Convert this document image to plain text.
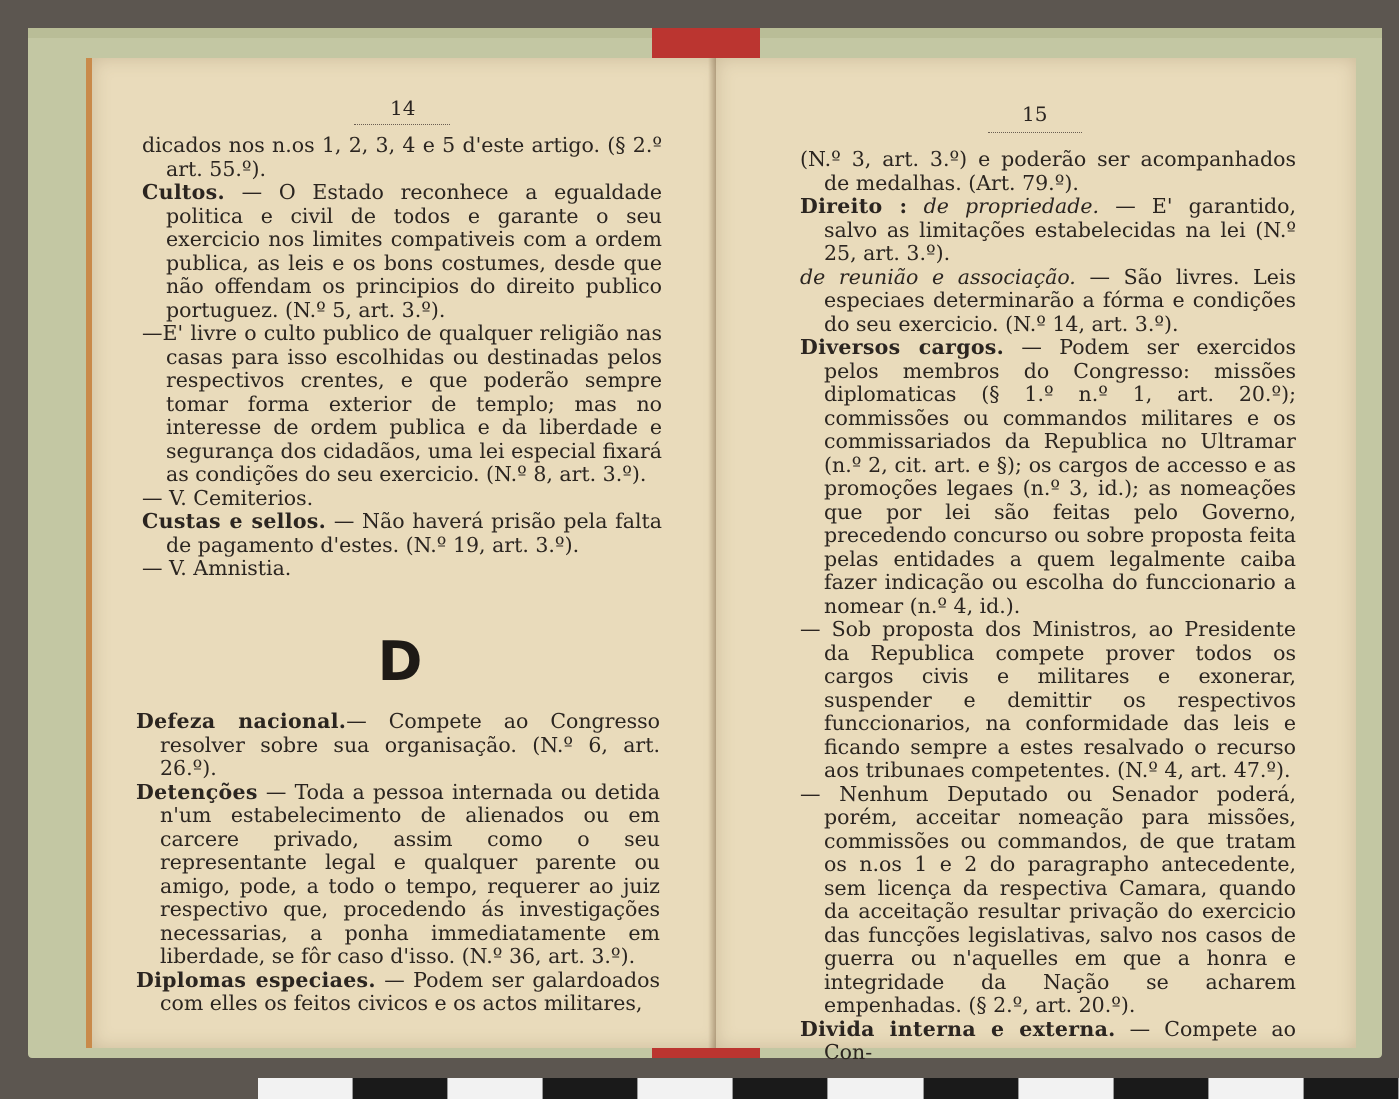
14

dicados nos n.os 1, 2, 3, 4 e 5 d'este artigo. (§ 2.º art. 55.º).

Cultos. — O Estado reconhece a egualdade politica e civil de todos e garante o seu exercicio nos limites compativeis com a ordem publica, as leis e os bons costumes, desde que não offendam os principios do direito publico portuguez. (N.º 5, art. 3.º).

—E' livre o culto publico de qualquer religião nas casas para isso escolhidas ou destinadas pelos respectivos crentes, e que poderão sempre tomar forma exterior de templo; mas no interesse de ordem publica e da liberdade e segurança dos cidadãos, uma lei especial fixará as condições do seu exercicio. (N.º 8, art. 3.º).

— V. Cemiterios.

Custas e sellos. — Não haverá prisão pela falta de pagamento d'estes. (N.º 19, art. 3.º).

— V. Amnistia.

D

Defeza nacional.— Compete ao Congresso resolver sobre sua organisação. (N.º 6, art. 26.º).

Detenções — Toda a pessoa internada ou detida n'um estabelecimento de alienados ou em carcere privado, assim como o seu representante legal e qualquer parente ou amigo, pode, a todo o tempo, requerer ao juiz respectivo que, procedendo ás investigações necessarias, a ponha immediatamente em liberdade, se fôr caso d'isso. (N.º 36, art. 3.º).

Diplomas especiaes. — Podem ser galardoados com elles os feitos civicos e os actos militares,

15

(N.º 3, art. 3.º) e poderão ser acompanhados de medalhas. (Art. 79.º).

Direito : de propriedade. — E' garantido, salvo as limitações estabelecidas na lei (N.º 25, art. 3.º).

de reunião e associação. — São livres. Leis especiaes determinarão a fórma e condições do seu exercicio. (N.º 14, art. 3.º).

Diversos cargos. — Podem ser exercidos pelos membros do Congresso: missões diplomaticas (§ 1.º n.º 1, art. 20.º); commissões ou commandos militares e os commissariados da Republica no Ultramar (n.º 2, cit. art. e §); os cargos de accesso e as promoções legaes (n.º 3, id.); as nomeações que por lei são feitas pelo Governo, precedendo concurso ou sobre proposta feita pelas entidades a quem legalmente caiba fazer indicação ou escolha do funccionario a nomear (n.º 4, id.).

— Sob proposta dos Ministros, ao Presidente da Republica compete prover todos os cargos civis e militares e exonerar, suspender e demittir os respectivos funccionarios, na conformidade das leis e ficando sempre a estes resalvado o recurso aos tribunaes competentes. (N.º 4, art. 47.º).

— Nenhum Deputado ou Senador poderá, porém, acceitar nomeação para missões, commissões ou commandos, de que tratam os n.os 1 e 2 do paragrapho antecedente, sem licença da respectiva Camara, quando da acceitação resultar privação do exercicio das funcções legislativas, salvo nos casos de guerra ou n'aquelles em que a honra e integridade da Nação se acharem empenhadas. (§ 2.º, art. 20.º).

Divida interna e externa. — Compete ao Con-
